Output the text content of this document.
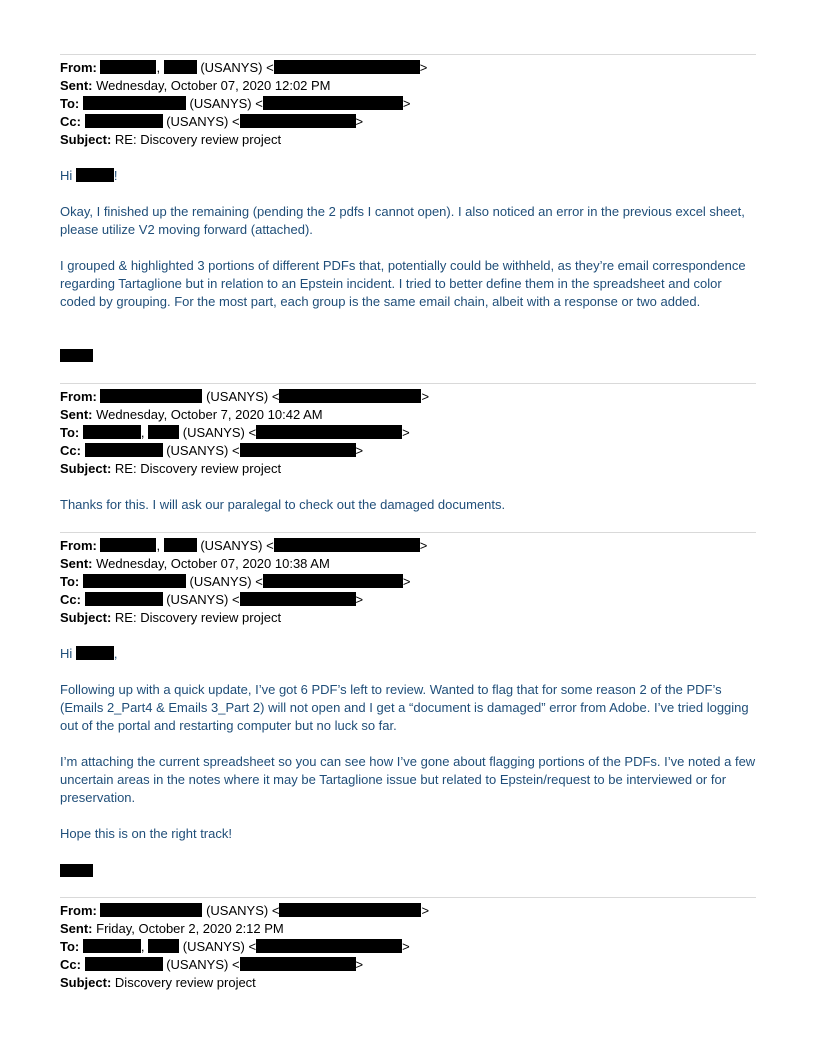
From:	,	(USANYS) <	>
Sent: Wednesday, October 07, 2020 12:02 PM
To:	(USANYS) <	>
Cc:	(USANYS) <	>
Subject: RE: Discovery review project

Hi	!

Okay, I finished up the remaining (pending the 2 pdfs I cannot open). I also noticed an error in the previous excel sheet, please utilize V2 moving forward (attached).

I grouped & highlighted 3 portions of different PDFs that, potentially could be withheld, as they’re email correspondence regarding Tartaglione but in relation to an Epstein incident. I tried to better define them in the spreadsheet and color coded by grouping. For the most part, each group is the same email chain, albeit with a response or two added.

From:	(USANYS) <	>
Sent: Wednesday, October 7, 2020 10:42 AM
To:	,	(USANYS) <	>
Cc:	(USANYS) <	>
Subject: RE: Discovery review project

Thanks for this. I will ask our paralegal to check out the damaged documents.

From:	,	(USANYS) <	>
Sent: Wednesday, October 07, 2020 10:38 AM
To:	(USANYS) <	>
Cc:	(USANYS) <	>
Subject: RE: Discovery review project

Hi	,

Following up with a quick update, I’ve got 6 PDF’s left to review. Wanted to flag that for some reason 2 of the PDF’s (Emails 2_Part4 & Emails 3_Part 2) will not open and I get a “document is damaged” error from Adobe. I’ve tried logging out of the portal and restarting computer but no luck so far.

I’m attaching the current spreadsheet so you can see how I’ve gone about flagging portions of the PDFs. I’ve noted a few uncertain areas in the notes where it may be Tartaglione issue but related to Epstein/request to be interviewed or for preservation.

Hope this is on the right track!

From:	(USANYS) <	>
Sent: Friday, October 2, 2020 2:12 PM
To:	,	(USANYS) <	>
Cc:	(USANYS) <	>
Subject: Discovery review project
